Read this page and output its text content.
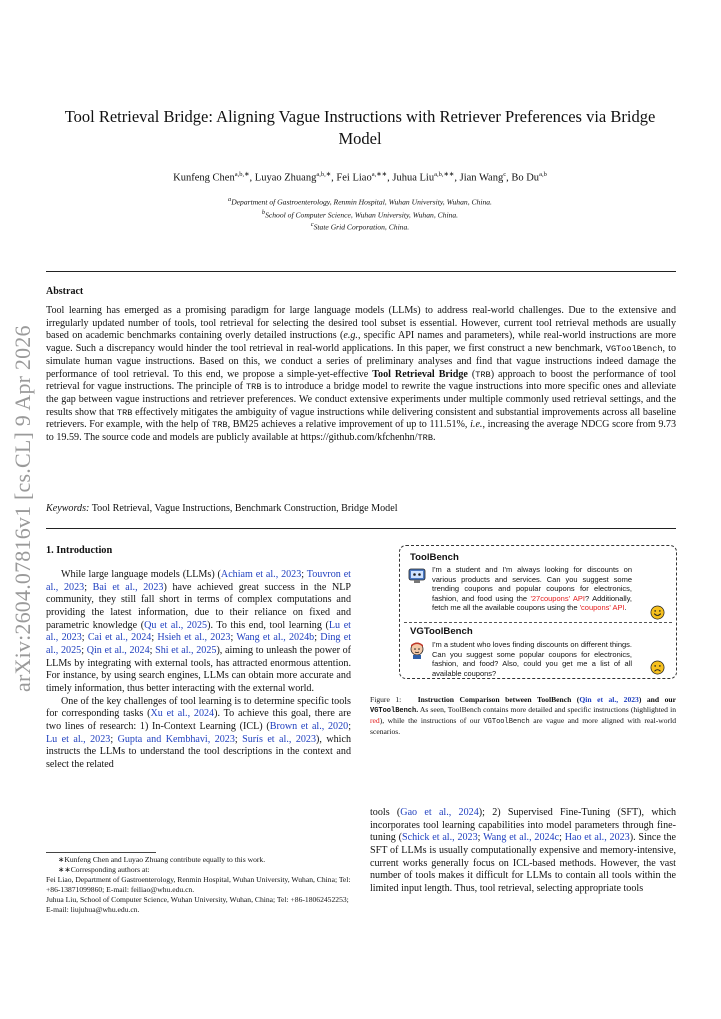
arXiv:2604.07816v1 [cs.CL] 9 Apr 2026
Tool Retrieval Bridge: Aligning Vague Instructions with Retriever Preferences via Bridge Model
Kunfeng Chen$^{a,b,∗}$, Luyao Zhuang$^{a,b,∗}$, Fei Liao$^{a,∗∗}$, Juhua Liu$^{a,b,∗∗}$, Jian Wang$^c$, Bo Du$^{a,b}$
$^a$Department of Gastroenterology, Renmin Hospital, Wuhan University, Wuhan, China.
$^b$School of Computer Science, Wuhan University, Wuhan, China.
$^c$State Grid Corporation, China.
Abstract
Tool learning has emerged as a promising paradigm for large language models (LLMs) to address real-world challenges. Due to the extensive and irregularly updated number of tools, tool retrieval for selecting the desired tool subset is essential. However, current tool retrieval methods are usually based on academic benchmarks containing overly detailed instructions (e.g., specific API names and parameters), while real-world instructions are more vague. Such a discrepancy would hinder the tool retrieval in real-world applications. In this paper, we first construct a new benchmark, VGToolBench, to simulate human vague instructions. Based on this, we conduct a series of preliminary analyses and find that vague instructions indeed damage the performance of tool retrieval. To this end, we propose a simple-yet-effective Tool Retrieval Bridge (TRB) approach to boost the performance of tool retrieval for vague instructions. The principle of TRB is to introduce a bridge model to rewrite the vague instructions into more specific ones and alleviate the gap between vague instructions and retriever preferences. We conduct extensive experiments under multiple commonly used retrieval settings, and the results show that TRB effectively mitigates the ambiguity of vague instructions while delivering consistent and substantial improvements across all baseline retrievers. For example, with the help of TRB, BM25 achieves a relative improvement of up to 111.51%, i.e., increasing the average NDCG score from 9.73 to 19.59. The source code and models are publicly available at https://github.com/kfchenhn/TRB.
Keywords: Tool Retrieval, Vague Instructions, Benchmark Construction, Bridge Model
1. Introduction

While large language models (LLMs) (Achiam et al., 2023; Touvron et al., 2023; Bai et al., 2023) have achieved great success in the NLP community, they still fall short in terms of complex computations and providing the latest information, due to their reliance on fixed and parametric knowledge (Qu et al., 2025). To this end, tool learning (Lu et al., 2023; Cai et al., 2024; Hsieh et al., 2023; Wang et al., 2024b; Ding et al., 2025; Qin et al., 2024; Shi et al., 2025), aiming to unleash the power of LLMs by integrating with external tools, has attracted enormous attention. For instance, by using search engines, LLMs can obtain more accurate and timely information, thus better interacting with the external world.

One of the key challenges of tool learning is to determine specific tools for corresponding tasks (Xu et al., 2024). To achieve this goal, there are two lines of research: 1) In-Context Learning (ICL) (Brown et al., 2020; Lu et al., 2023; Gupta and Kembhavi, 2023; Surís et al., 2023), which instructs the LLMs to understand the tool descriptions in the context and select the related

∗Kunfeng Chen and Luyao Zhuang contribute equally to this work.

∗∗Corresponding authors at:

Fei Liao, Department of Gastroenterology, Renmin Hospital, Wuhan University, Wuhan, China; Tel: +86-13871099860; E-mail: feiliao@whu.edu.cn.

Juhua Liu, School of Computer Science, Wuhan University, Wuhan, China; Tel: +86-18062452253; E-mail: liujuhua@whu.edu.cn.

ToolBench
I'm a student and I'm always looking for discounts on various products and services. Can you suggest some trending coupons and popular coupons for electronics, fashion, and food using the '27coupons' API? Additionally, fetch me all the available coupons using the 'coupons' API.
VGToolBench
I'm a student who loves finding discounts on different things. Can you suggest some popular coupons for electronics, fashion, and food? Also, could you get me a list of all available coupons?
Figure 1: Instruction Comparison between ToolBench (Qin et al., 2023) and our VGToolBench. As seen, ToolBench contains more detailed and specific instructions (highlighted in red), while the instructions of our VGToolBench are vague and more aligned with real-world scenarios.
tools (Gao et al., 2024); 2) Supervised Fine-Tuning (SFT), which incorporates tool learning capabilities into model parameters through fine-tuning (Schick et al., 2023; Wang et al., 2024c; Hao et al., 2023). Since the SFT of LLMs is usually computationally expensive and memory-intensive, current works generally focus on ICL-based methods. However, the vast number of tools makes it difficult for LLMs to contain all tools within the limited input length. Thus, tool retrieval, selecting appropriate tools
